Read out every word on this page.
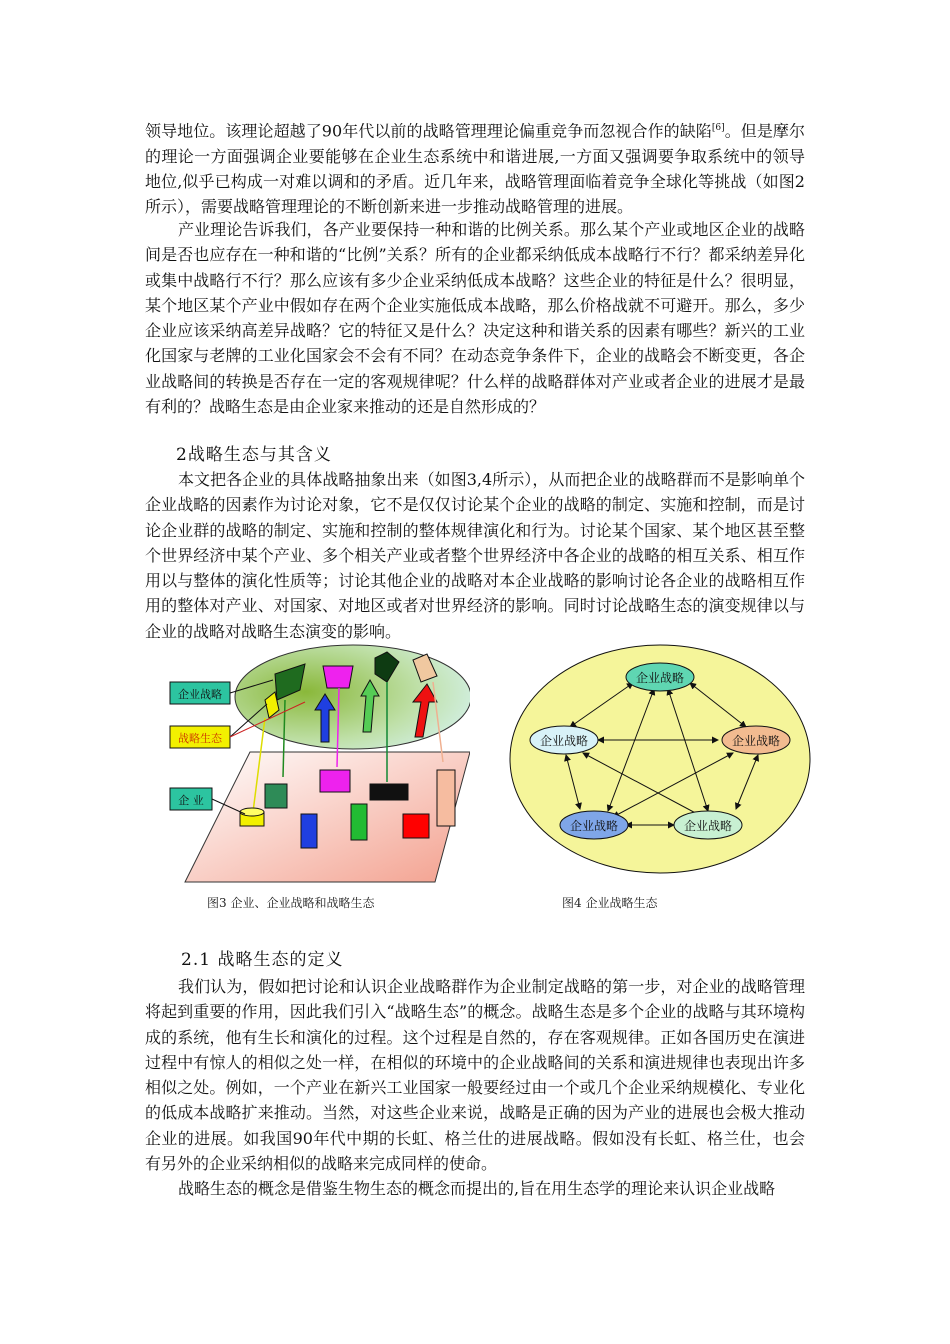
领导地位。该理论超越了90年代以前的战略管理理论偏重竞争而忽视合作的缺陷[6]。但是摩尔的理论一方面强调企业要能够在企业生态系统中和谐进展,一方面又强调要争取系统中的领导地位,似乎已构成一对难以调和的矛盾。近几年来，战略管理面临着竞争全球化等挑战（如图2所示），需要战略管理理论的不断创新来进一步推动战略管理的进展。

产业理论告诉我们，各产业要保持一种和谐的比例关系。那么某个产业或地区企业的战略间是否也应存在一种和谐的“比例”关系？所有的企业都采纳低成本战略行不行？都采纳差异化或集中战略行不行？那么应该有多少企业采纳低成本战略？这些企业的特征是什么？很明显，某个地区某个产业中假如存在两个企业实施低成本战略，那么价格战就不可避开。那么，多少企业应该采纳高差异战略？它的特征又是什么？决定这种和谐关系的因素有哪些？新兴的工业化国家与老牌的工业化国家会不会有不同？在动态竞争条件下，企业的战略会不断变更，各企业战略间的转换是否存在一定的客观规律呢？什么样的战略群体对产业或者企业的进展才是最有利的？战略生态是由企业家来推动的还是自然形成的？

2战略生态与其含义

本文把各企业的具体战略抽象出来（如图3,4所示），从而把企业的战略群而不是影响单个企业战略的因素作为讨论对象，它不是仅仅讨论某个企业的战略的制定、实施和控制，而是讨论企业群的战略的制定、实施和控制的整体规律演化和行为。讨论某个国家、某个地区甚至整个世界经济中某个产业、多个相关产业或者整个世界经济中各企业的战略的相互关系、相互作用以与整体的演化性质等；讨论其他企业的战略对本企业战略的影响讨论各企业的战略相互作用的整体对产业、对国家、对地区或者对世界经济的影响。同时讨论战略生态的演变规律以与企业的战略对战略生态演变的影响。

企业战略
战略生态
企 业
企业战略
企业战略	企业战略
企业战略	企业战略

图3 企业、企业战略和战略生态	图4 企业战略生态

2.1 战略生态的定义

我们认为，假如把讨论和认识企业战略群作为企业制定战略的第一步，对企业的战略管理将起到重要的作用，因此我们引入“战略生态”的概念。战略生态是多个企业的战略与其环境构成的系统，他有生长和演化的过程。这个过程是自然的，存在客观规律。正如各国历史在演进过程中有惊人的相似之处一样，在相似的环境中的企业战略间的关系和演进规律也表现出许多相似之处。例如，一个产业在新兴工业国家一般要经过由一个或几个企业采纳规模化、专业化的低成本战略扩来推动。当然，对这些企业来说，战略是正确的因为产业的进展也会极大推动企业的进展。如我国90年代中期的长虹、格兰仕的进展战略。假如没有长虹、格兰仕，也会有另外的企业采纳相似的战略来完成同样的使命。

战略生态的概念是借鉴生物生态的概念而提出的,旨在用生态学的理论来认识企业战略
